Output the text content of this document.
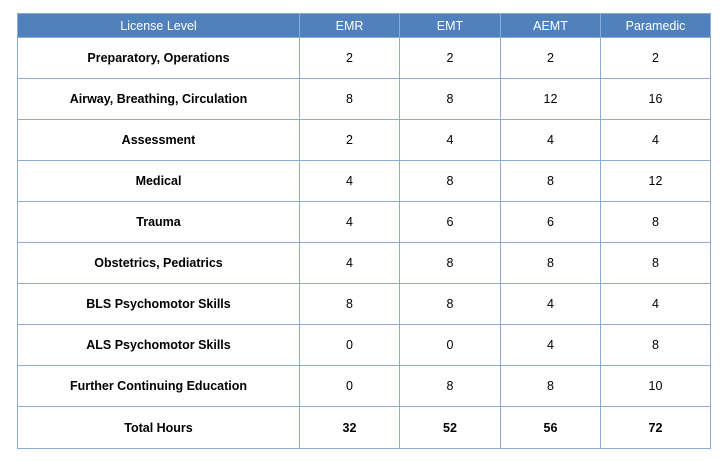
License Level	EMR	EMT	AEMT	Paramedic
Preparatory, Operations	2	2	2	2
Airway, Breathing, Circulation	8	8	12	16
Assessment	2	4	4	4
Medical	4	8	8	12
Trauma	4	6	6	8
Obstetrics, Pediatrics	4	8	8	8
BLS Psychomotor Skills	8	8	4	4
ALS Psychomotor Skills	0	0	4	8
Further Continuing Education	0	8	8	10
Total Hours	32	52	56	72
